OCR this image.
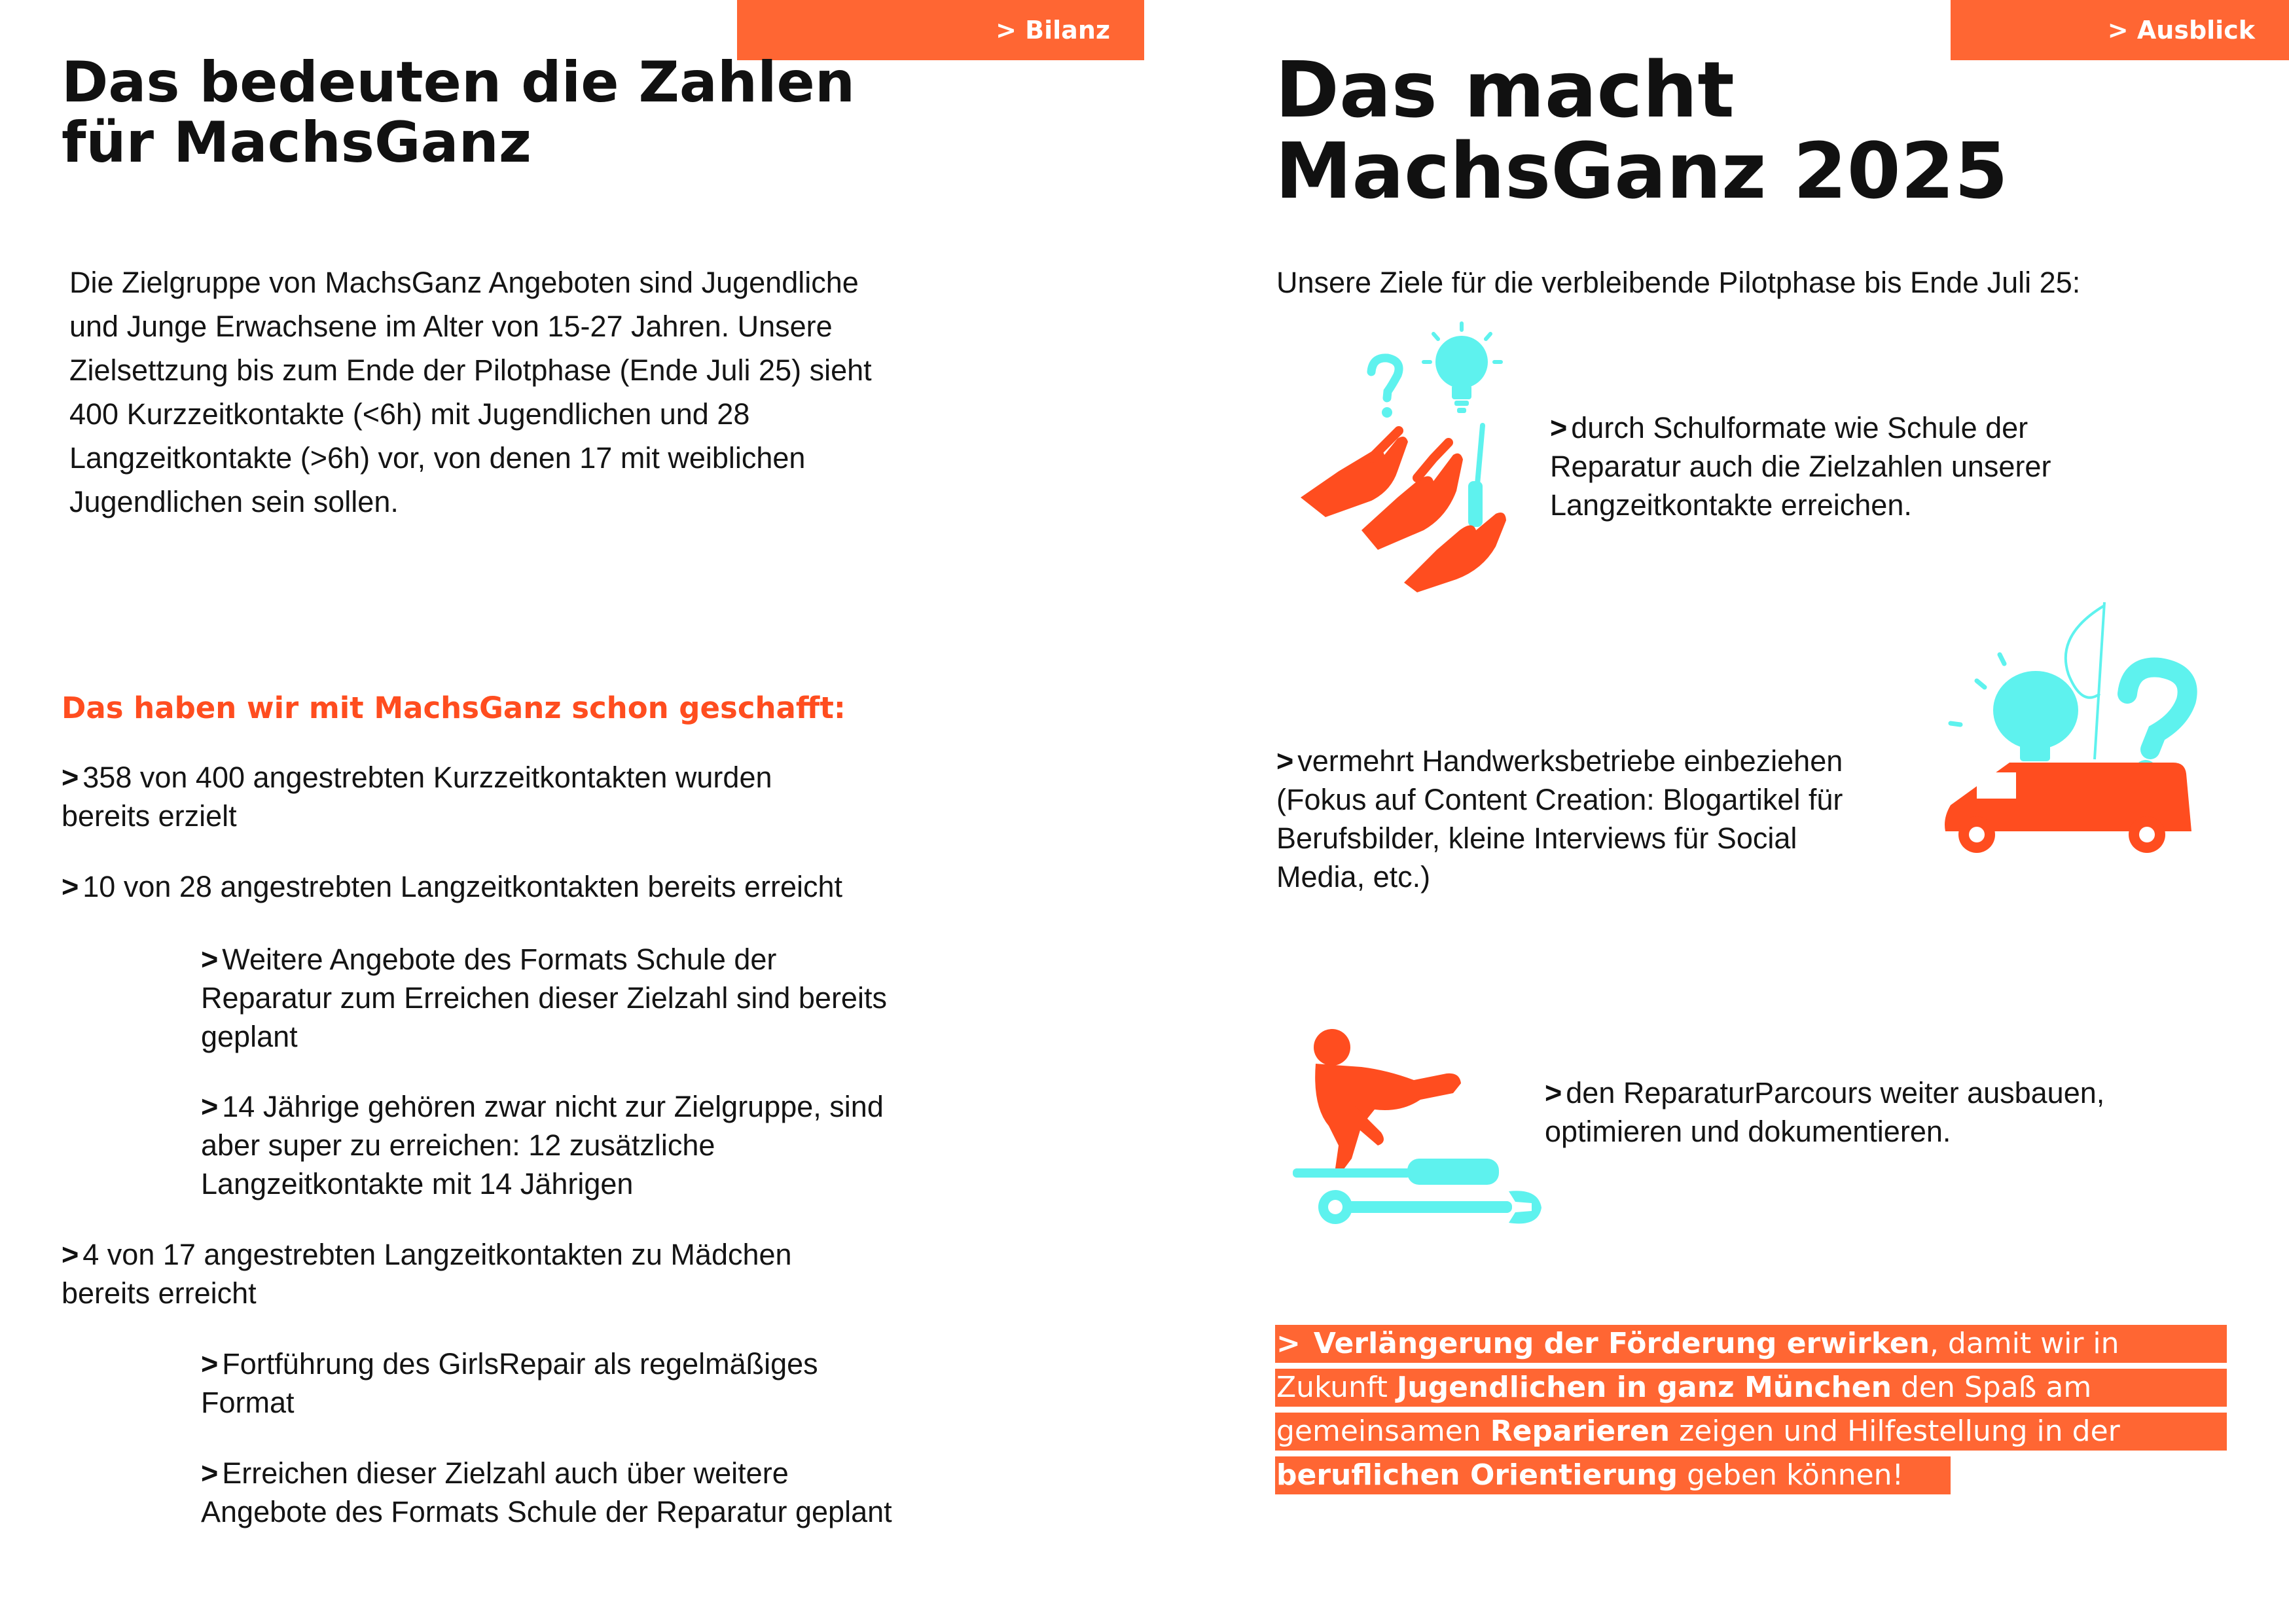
> Bilanz
Das bedeuten die Zahlen
für MachsGanz
Die Zielgruppe von MachsGanz Angeboten sind Jugendliche
und Junge Erwachsene im Alter von 15-27 Jahren. Unsere
Zielsettzung bis zum Ende der Pilotphase (Ende Juli 25) sieht
400 Kurzzeitkontakte (<6h) mit Jugendlichen und 28
Langzeitkontakte (>6h) vor, von denen 17 mit weiblichen
Jugendlichen sein sollen.
Das haben wir mit MachsGanz schon geschafft:
> 358 von 400 angestrebten Kurzzeitkontakten wurden
bereits erzielt
> 10 von 28 angestrebten Langzeitkontakten bereits erreicht
> Weitere Angebote des Formats Schule der
Reparatur zum Erreichen dieser Zielzahl sind bereits
geplant
> 14 Jährige gehören zwar nicht zur Zielgruppe, sind
aber super zu erreichen: 12 zusätzliche
Langzeitkontakte mit 14 Jährigen
> 4 von 17 angestrebten Langzeitkontakten zu Mädchen
bereits erreicht
> Fortführung des GirlsRepair als regelmäßiges
Format
> Erreichen dieser Zielzahl auch über weitere
Angebote des Formats Schule der Reparatur geplant
> Ausblick
Das macht
MachsGanz 2025
Unsere Ziele für die verbleibende Pilotphase bis Ende Juli 25:
> durch Schulformate wie Schule der
Reparatur auch die Zielzahlen unserer
Langzeitkontakte erreichen.
> vermehrt Handwerksbetriebe einbeziehen
(Fokus auf Content Creation: Blogartikel für
Berufsbilder, kleine Interviews für Social
Media, etc.)
> den ReparaturParcours weiter ausbauen,
optimieren und dokumentieren.
> Verlängerung der Förderung erwirken, damit wir in
Zukunft Jugendlichen in ganz München den Spaß am
gemeinsamen Reparieren zeigen und Hilfestellung in der
beruflichen Orientierung geben können!
